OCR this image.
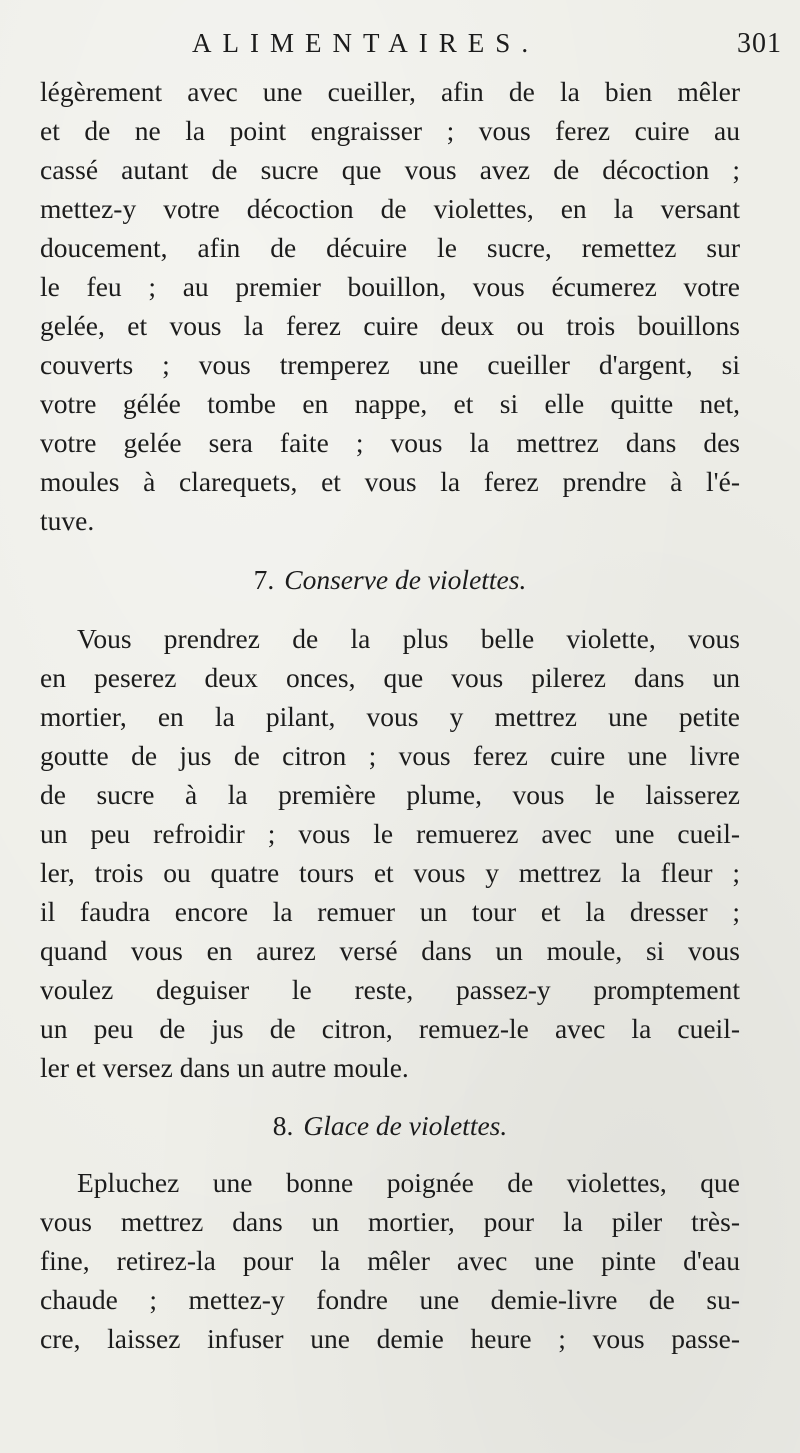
ALIMENTAIRES.	301
légèrement avec une cueiller, afin de la bien mêler
et de ne la point engraisser ; vous ferez cuire au
cassé autant de sucre que vous avez de décoction ;
mettez-y votre décoction de violettes, en la versant
doucement, afin de décuire le sucre, remettez sur
le feu ; au premier bouillon, vous écumerez votre
gelée, et vous la ferez cuire deux ou trois bouillons
couverts ; vous tremperez une cueiller d'argent, si
votre gélée tombe en nappe, et si elle quitte net,
votre gelée sera faite ; vous la mettrez dans des
moules à clarequets, et vous la ferez prendre à l'é-
tuve.
7. Conserve de violettes.
Vous prendrez de la plus belle violette, vous
en peserez deux onces, que vous pilerez dans un
mortier, en la pilant, vous y mettrez une petite
goutte de jus de citron ; vous ferez cuire une livre
de sucre à la première plume, vous le laisserez
un peu refroidir ; vous le remuerez avec une cueil-
ler, trois ou quatre tours et vous y mettrez la fleur ;
il faudra encore la remuer un tour et la dresser ;
quand vous en aurez versé dans un moule, si vous
voulez deguiser le reste, passez-y promptement
un peu de jus de citron, remuez-le avec la cueil-
ler et versez dans un autre moule.
8. Glace de violettes.
Epluchez une bonne poignée de violettes, que
vous mettrez dans un mortier, pour la piler très-
fine, retirez-la pour la mêler avec une pinte d'eau
chaude ; mettez-y fondre une demie-livre de su-
cre, laissez infuser une demie heure ; vous passe-
